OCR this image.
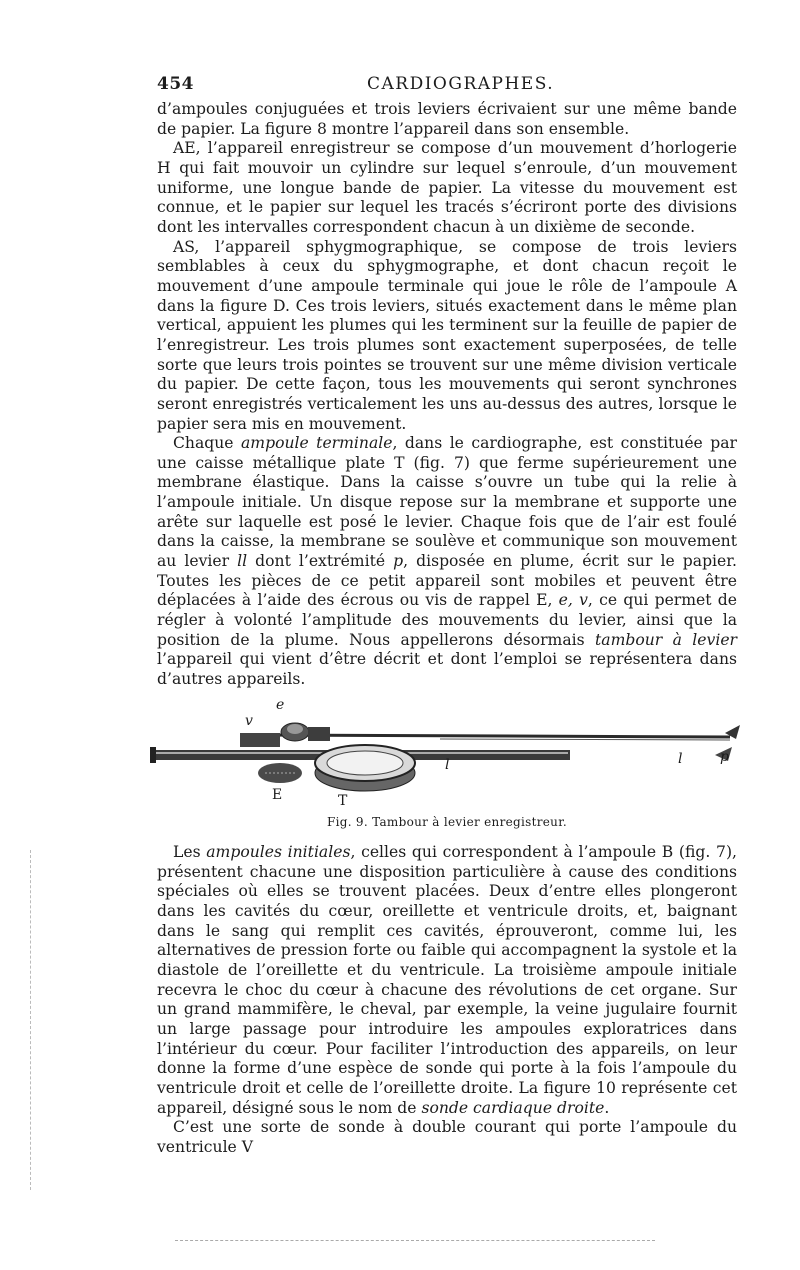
454	CARDIOGRAPHES.

d’ampoules conjuguées et trois leviers écrivaient sur une même bande de papier. La figure 8 montre l’appareil dans son ensemble.

AE, l’appareil enregistreur se compose d’un mouvement d’horlogerie H qui fait mouvoir un cylindre sur lequel s’enroule, d’un mouvement uniforme, une longue bande de papier. La vitesse du mouvement est connue, et le papier sur lequel les tracés s’écriront porte des divisions dont les intervalles correspondent chacun à un dixième de seconde.

AS, l’appareil sphygmographique, se compose de trois leviers semblables à ceux du sphygmographe, et dont chacun reçoit le mouvement d’une ampoule terminale qui joue le rôle de l’ampoule A dans la figure D. Ces trois leviers, situés exactement dans le même plan vertical, appuient les plumes qui les terminent sur la feuille de papier de l’enregistreur. Les trois plumes sont exactement superposées, de telle sorte que leurs trois pointes se trouvent sur une même division verticale du papier. De cette façon, tous les mouvements qui seront synchrones seront enregistrés verticalement les uns au-dessus des autres, lorsque le papier sera mis en mouvement.

Chaque ampoule terminale, dans le cardiographe, est constituée par une caisse métallique plate T (fig. 7) que ferme supérieurement une membrane élastique. Dans la caisse s’ouvre un tube qui la relie à l’ampoule initiale. Un disque repose sur la membrane et supporte une arête sur laquelle est posé le levier. Chaque fois que de l’air est foulé dans la caisse, la membrane se soulève et communique son mouvement au levier ll dont l’extrémité p, disposée en plume, écrit sur le papier. Toutes les pièces de ce petit appareil sont mobiles et peuvent être déplacées à l’aide des écrous ou vis de rappel E, e, v, ce qui permet de régler à volonté l’amplitude des mouvements du levier, ainsi que la position de la plume. Nous appellerons désormais tambour à levier l’appareil qui vient d’être décrit et dont l’emploi se représentera dans d’autres appareils.

v
e
E	T
l	l	p
Fig. 9. Tambour à levier enregistreur.

Les ampoules initiales, celles qui correspondent à l’ampoule B (fig. 7), présentent chacune une disposition particulière à cause des conditions spéciales où elles se trouvent placées. Deux d’entre elles plongeront dans les cavités du cœur, oreillette et ventricule droits, et, baignant dans le sang qui remplit ces cavités, éprouveront, comme lui, les alternatives de pression forte ou faible qui accompagnent la systole et la diastole de l’oreillette et du ventricule. La troisième ampoule initiale recevra le choc du cœur à chacune des révolutions de cet organe. Sur un grand mammifère, le cheval, par exemple, la veine jugulaire fournit un large passage pour introduire les ampoules exploratrices dans l’intérieur du cœur. Pour faciliter l’introduction des appareils, on leur donne la forme d’une espèce de sonde qui porte à la fois l’ampoule du ventricule droit et celle de l’oreillette droite. La figure 10 représente cet appareil, désigné sous le nom de sonde cardiaque droite.

C’est une sorte de sonde à double courant qui porte l’ampoule du ventricule V
